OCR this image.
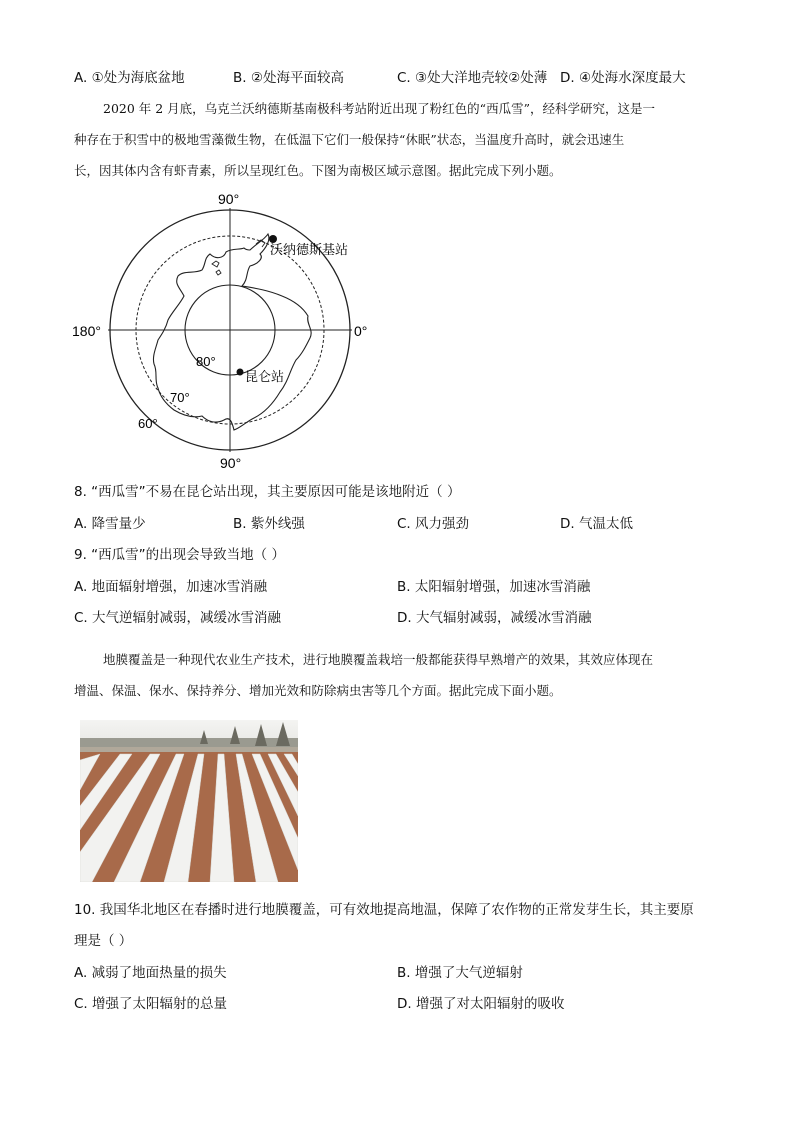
A. ①处为海底盆地	B. ②处海平面较高	C. ③处大洋地壳较②处薄 D. ④处海水深度最大
2020 年 2 月底，乌克兰沃纳德斯基南极科考站附近出现了粉红色的“西瓜雪”，经科学研究，这是一
种存在于积雪中的极地雪藻微生物，在低温下它们一般保持“休眠”状态，当温度升高时，就会迅速生
长，因其体内含有虾青素，所以呈现红色。下图为南极区域示意图。据此完成下列小题。
90°
90°
180°	0°
80°
70°
60°
沃纳德斯基站
昆仑站
8. “西瓜雪”不易在昆仑站出现，其主要原因可能是该地附近（ ）
A. 降雪量少	B. 紫外线强	C. 风力强劲	D. 气温太低
9. “西瓜雪”的出现会导致当地（ ）
A. 地面辐射增强，加速冰雪消融	B. 太阳辐射增强，加速冰雪消融
C. 大气逆辐射减弱，减缓冰雪消融	D. 大气辐射减弱，减缓冰雪消融
地膜覆盖是一种现代农业生产技术，进行地膜覆盖栽培一般都能获得早熟增产的效果，其效应体现在
增温、保温、保水、保持养分、增加光效和防除病虫害等几个方面。据此完成下面小题。
10. 我国华北地区在春播时进行地膜覆盖，可有效地提高地温，保障了农作物的正常发芽生长，其主要原
理是（ ）
A. 减弱了地面热量的损失	B. 增强了大气逆辐射
C. 增强了太阳辐射的总量	D. 增强了对太阳辐射的吸收
